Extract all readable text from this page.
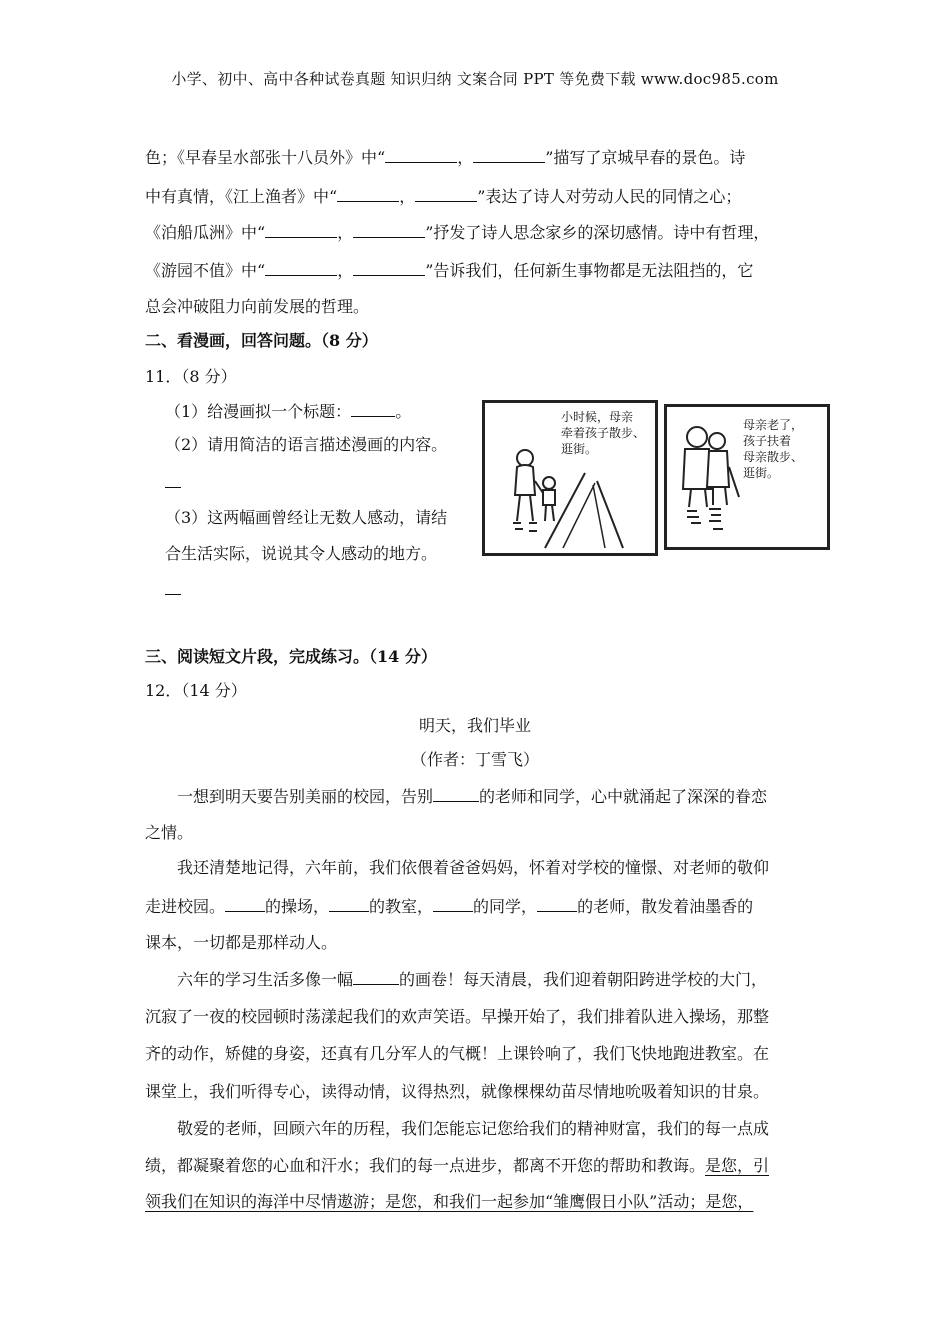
小学、初中、高中各种试卷真题 知识归纳 文案合同 PPT 等免费下载 www.doc985.com
色；《早春呈水部张十八员外》中“	，	”描写了京城早春的景色。诗
中有真情，《江上渔者》中“	，	”表达了诗人对劳动人民的同情之心；
《泊船瓜洲》中“	，	”抒发了诗人思念家乡的深切感情。诗中有哲理，
《游园不值》中“	，	”告诉我们，任何新生事物都是无法阻挡的，它
总会冲破阻力向前发展的哲理。
二、看漫画，回答问题。（8 分）
11．（8 分）
（1）给漫画拟一个标题：	。
（2）请用简洁的语言描述漫画的内容。
（3）这两幅画曾经让无数人感动，请结
合生活实际，说说其令人感动的地方。
小时候，母亲
牵着孩子散步、
逛街。
母亲老了，
孩子扶着
母亲散步、
逛街。
三、阅读短文片段，完成练习。（14 分）
12．（14 分）
明天，我们毕业
（作者：丁雪飞）
一想到明天要告别美丽的校园，告别	的老师和同学，心中就涌起了深深的眷恋
之情。
我还清楚地记得，六年前，我们依偎着爸爸妈妈，怀着对学校的憧憬、对老师的敬仰
走进校园。	的操场，	的教室，	的同学，	的老师，散发着油墨香的
课本，一切都是那样动人。
六年的学习生活多像一幅	的画卷！每天清晨，我们迎着朝阳跨进学校的大门，
沉寂了一夜的校园顿时荡漾起我们的欢声笑语。早操开始了，我们排着队进入操场，那整
齐的动作，矫健的身姿，还真有几分军人的气概！上课铃响了，我们飞快地跑进教室。在
课堂上，我们听得专心，读得动情，议得热烈，就像棵棵幼苗尽情地吮吸着知识的甘泉。
敬爱的老师，回顾六年的历程，我们怎能忘记您给我们的精神财富，我们的每一点成
绩，都凝聚着您的心血和汗水；我们的每一点进步，都离不开您的帮助和教诲。是您，引
领我们在知识的海洋中尽情遨游；是您，和我们一起参加“雏鹰假日小队”活动；是您，
